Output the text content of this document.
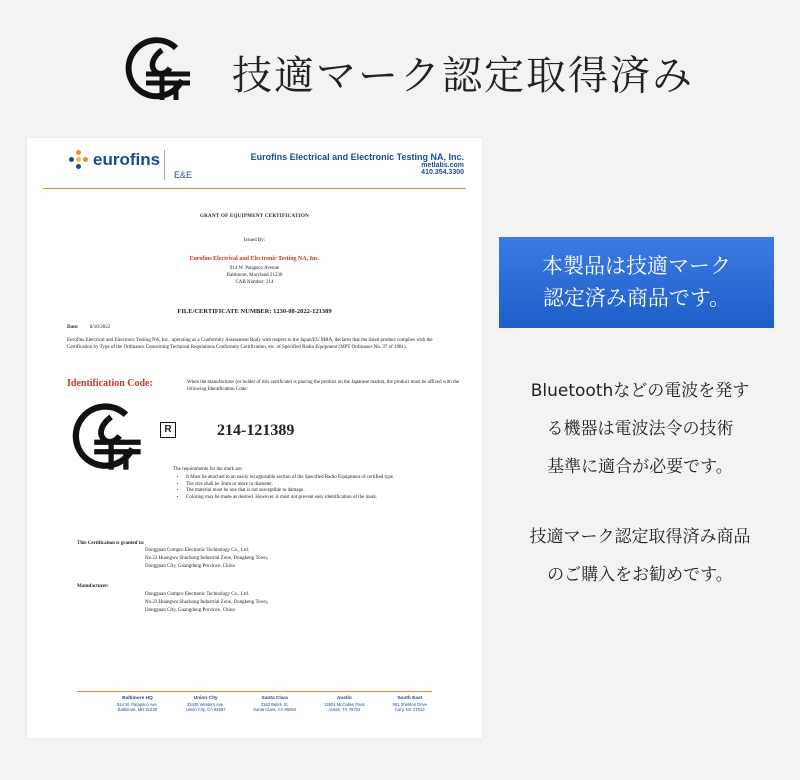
技適マーク認定取得済み
eurofins
E&E
Eurofins Electrical and Electronic Testing NA, Inc.
metlabs.com
410.354.3300
GRANT OF EQUIPMENT CERTIFICATION
Issued By:
Eurofins Electrical and Electronic Testing NA, Inc.
914 W. Patapsco Avenue
Baltimore, Maryland 21230
CAB Number: 214
FILE/CERTIFICATE NUMBER: 1230-08-2022-121389
Date: 8/10/2022
Eurofins Electrical and Electronic Testing NA, Inc., operating as a Conformity Assessment Body with respect to the Japan/EU MRA, declares that the listed product complies with the Certification by Type of the Ordinance Concerning Technical Regulations Conformity Certification, etc. of Specified Radio Equipment (MPT Ordinance No. 37 of 1981).
Identification Code:	When the manufacturer (or holder of this certificate) is placing the product on the Japanese market, the product must be affixed with the following Identification Code:
R	214-121389
The requirements for the mark are:
• It Must be attached to an easily recognizable section of the Specified Radio Equipment of certified type.
• The size shall be 3mm or more in diameter.
• The material must be one that is not susceptible to damage.
• Coloring may be made as desired. However, it must not prevent easy identification of the mark.
This Certification is granted to:
Dongguan Compro Electronic Technology Co., Ltd.
No.23 Huangwu Shachong Industrial Zone, Dongkeng Town,
Dongguan City, Guangdong Province, China
Manufacturer:
Dongguan Compro Electronic Technology Co., Ltd.
No.23 Huangwu Shachong Industrial Zone, Dongkeng Town,
Dongguan City, Guangdong Province, China
Baltimore HQ
914 W. Patapsco Ave.
Baltimore, MD 21230
Union City
33439 Western Ave.
Union City, CA 94587
Santa Clara
3162 Belick St.
Santa Clara, CA 95054
Austin
13501 McCallen Pass
Austin, TX 78753
South East
901 Sheldon Drive
Cary, NC 27513
本製品は技適マーク
認定済み商品です。
Bluetoothなどの電波を発す
る機器は電波法令の技術
基準に適合が必要です。
技適マーク認定取得済み商品
のご購入をお勧めです。
